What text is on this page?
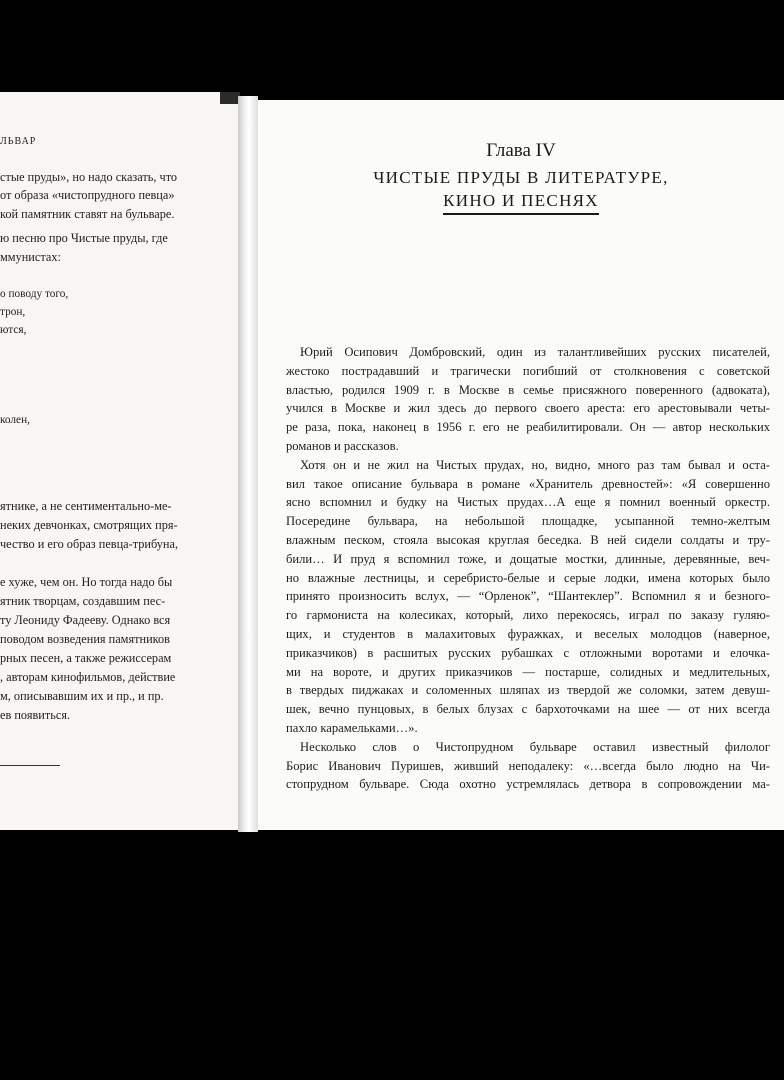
ЛЬВАР
стые пруды», но надо сказать, что
от образа «чистопрудного певца»
кой памятник ставят на бульваре.
ю песню про Чистые пруды, где
ммунистах:
о поводу того,
трон,
ются,
колен,
ятнике, а не сентиментально-ме-
неких девчонках, смотрящих пря-
чество и его образ певца-трибуна,
е хуже, чем он. Но тогда надо бы
ятник творцам, создавшим пес-
ту Леониду Фадееву. Однако вся
поводом возведения памятников
рных песен, а также режиссерам
, авторам кинофильмов, действие
м, описывавшим их и пр., и пр.
ев появиться.
Глава IV
ЧИСТЫЕ ПРУДЫ В ЛИТЕРАТУРЕ,
КИНО И ПЕСНЯХ
Юрий Осипович Домбровский, один из талантливейших русских писателей,
жестоко пострадавший и трагически погибший от столкновения с советской
властью, родился 1909 г. в Москве в семье присяжного поверенного (адвоката),
учился в Москве и жил здесь до первого своего ареста: его арестовывали четы-
ре раза, пока, наконец в 1956 г. его не реабилитировали. Он — автор нескольких
романов и рассказов.
Хотя он и не жил на Чистых прудах, но, видно, много раз там бывал и оста-
вил такое описание бульвара в романе «Хранитель древностей»: «Я совершенно
ясно вспомнил и будку на Чистых прудах…А еще я помнил военный оркестр.
Посередине бульвара, на небольшой площадке, усыпанной темно-желтым
влажным песком, стояла высокая круглая беседка. В ней сидели солдаты и тру-
били… И пруд я вспомнил тоже, и дощатые мостки, длинные, деревянные, веч-
но влажные лестницы, и серебристо-белые и серые лодки, имена которых было
принято произносить вслух, — “Орленок”, “Шантеклер”. Вспомнил я и безного-
го гармониста на колесиках, который, лихо перекосясь, играл по заказу гуляю-
щих, и студентов в малахитовых фуражках, и веселых молодцов (наверное,
приказчиков) в расшитых русских рубашках с отложными воротами и елочка-
ми на вороте, и других приказчиков — постарше, солидных и медлительных,
в твердых пиджаках и соломенных шляпах из твердой же соломки, затем девуш-
шек, вечно пунцовых, в белых блузах с бархоточками на шее — от них всегда
пахло карамельками…».
Несколько слов о Чистопрудном бульваре оставил известный филолог
Борис Иванович Пуришев, живший неподалеку: «…всегда было людно на Чи-
стопрудном бульваре. Сюда охотно устремлялась детвора в сопровождении ма-
